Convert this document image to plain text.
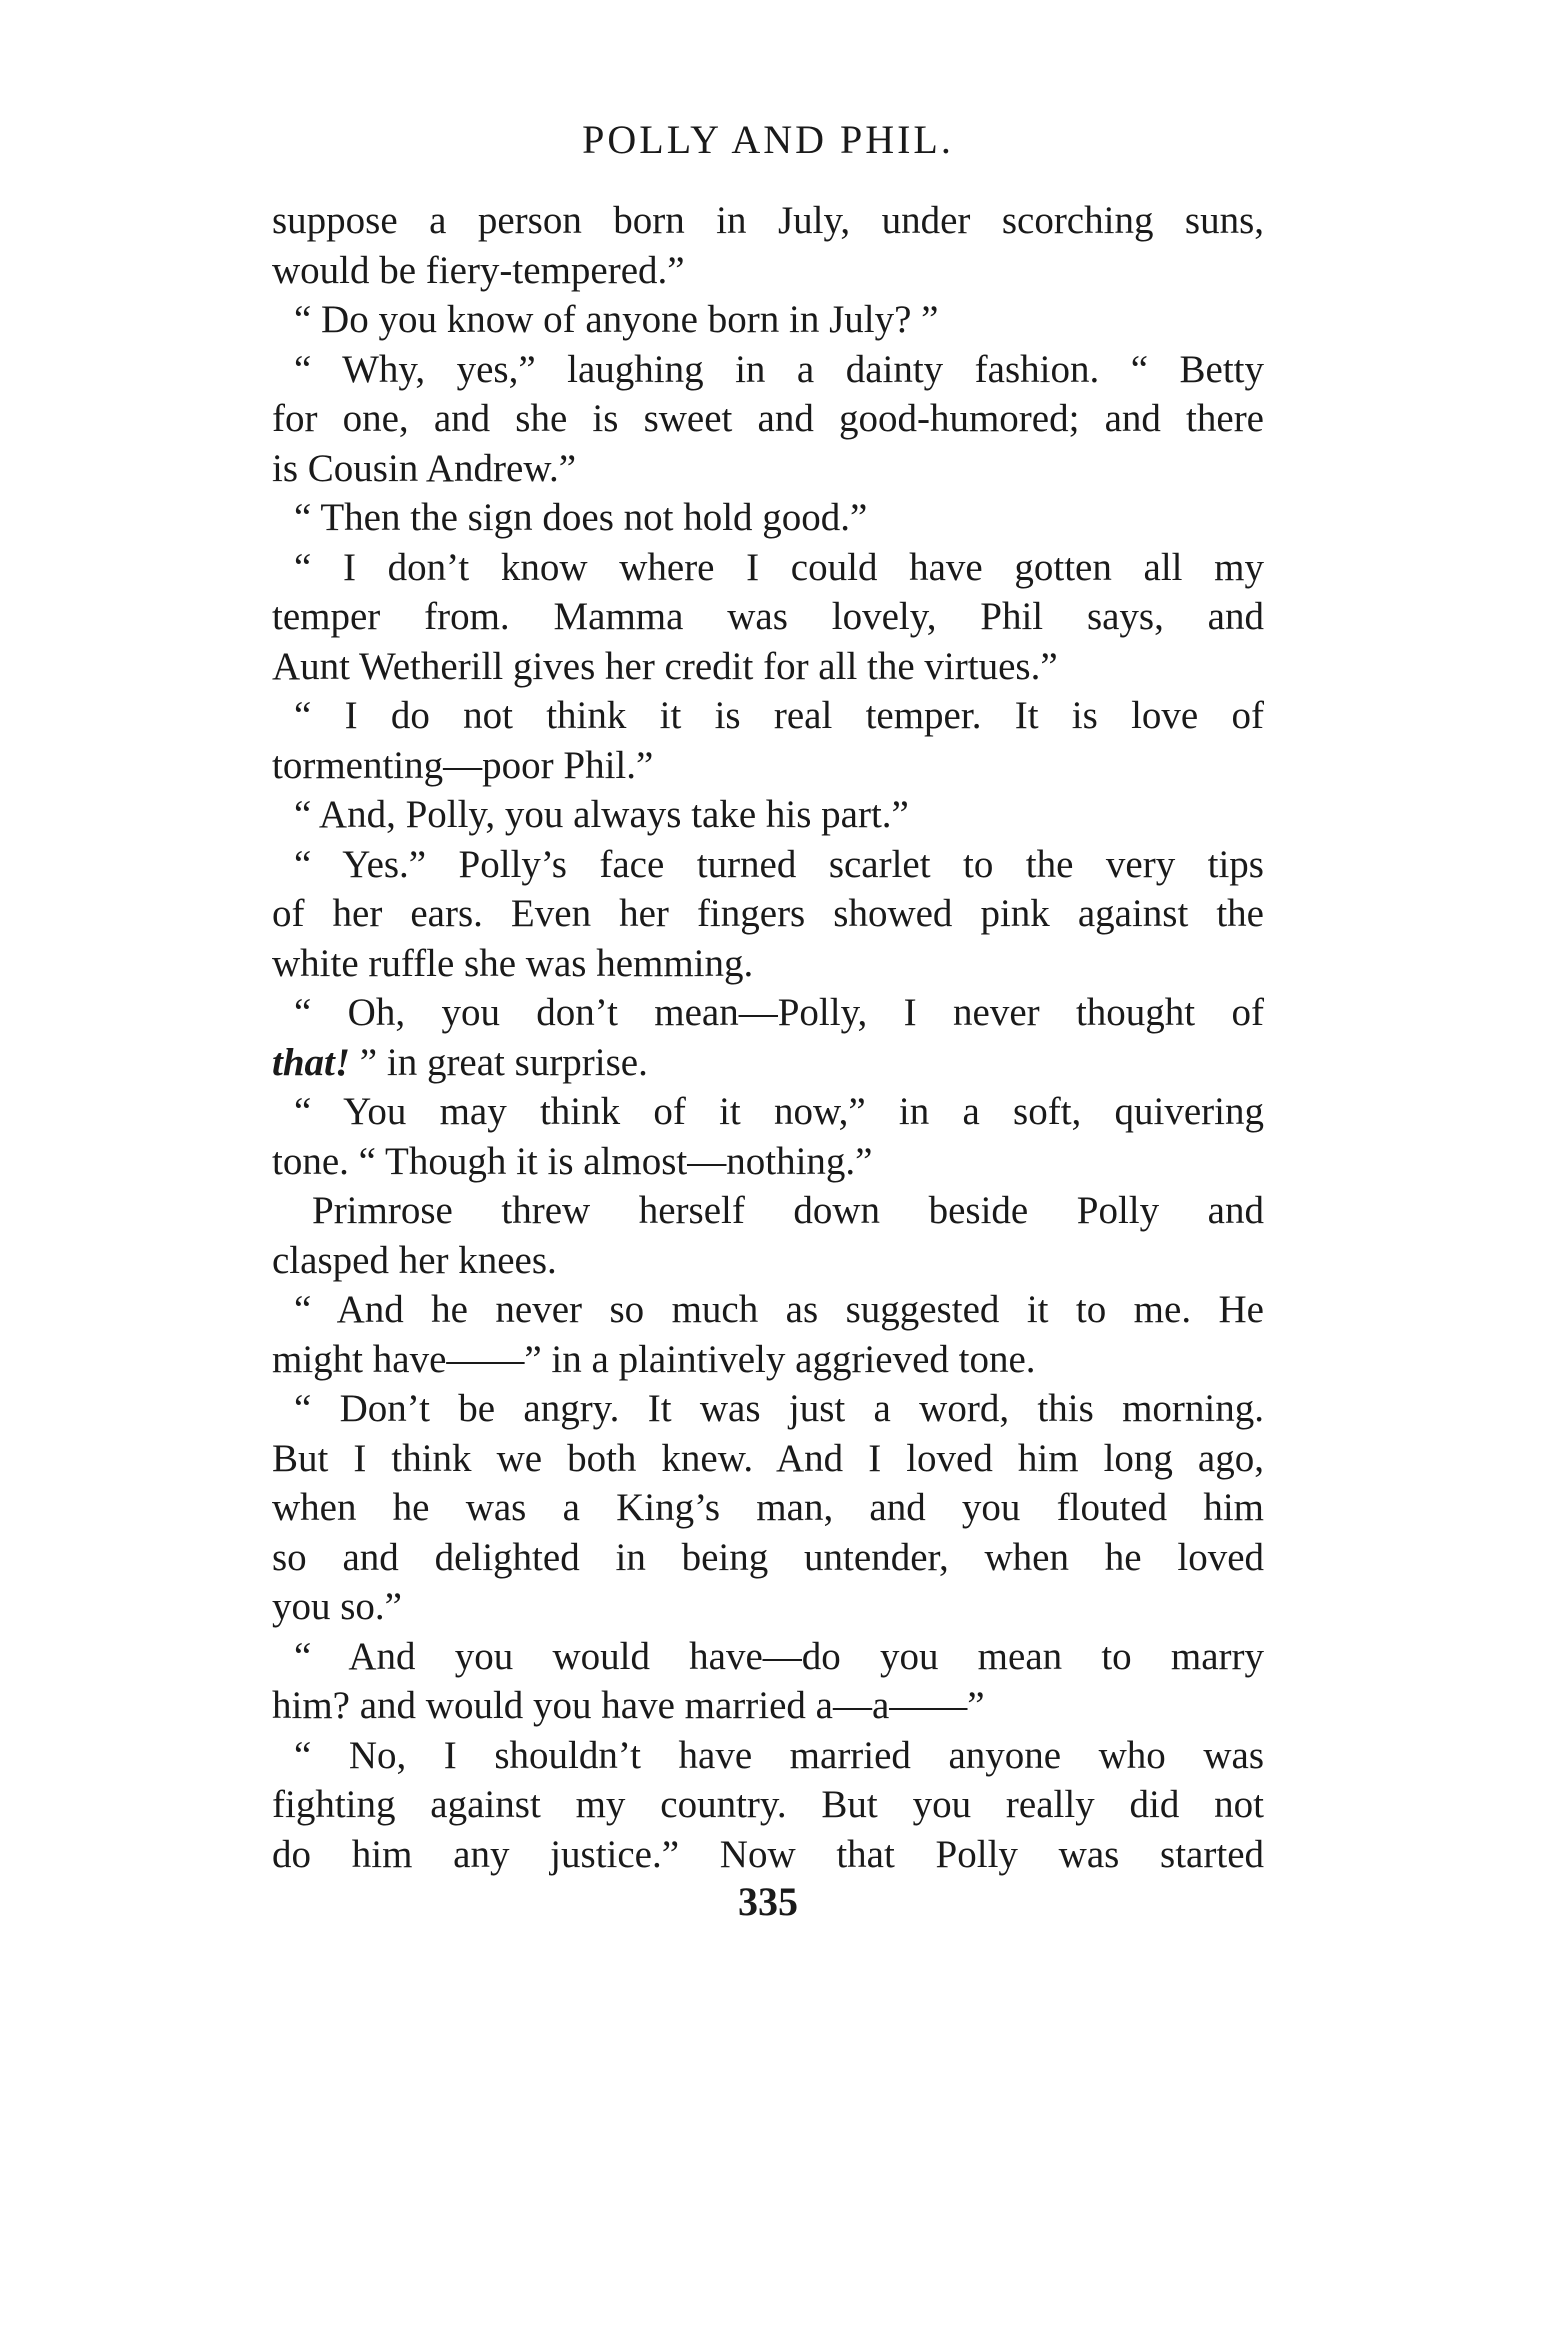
POLLY AND PHIL.
suppose a person born in July, under scorching suns,
would be fiery-tempered.”
“ Do you know of anyone born in July? ”
“ Why, yes,” laughing in a dainty fashion. “ Betty
for one, and she is sweet and good-humored; and there
is Cousin Andrew.”
“ Then the sign does not hold good.”
“ I don’t know where I could have gotten all my
temper from. Mamma was lovely, Phil says, and
Aunt Wetherill gives her credit for all the virtues.”
“ I do not think it is real temper. It is love of
tormenting—poor Phil.”
“ And, Polly, you always take his part.”
“ Yes.” Polly’s face turned scarlet to the very tips
of her ears. Even her fingers showed pink against the
white ruffle she was hemming.
“ Oh, you don’t mean—Polly, I never thought of
that! ” in great surprise.
“ You may think of it now,” in a soft, quivering
tone. “ Though it is almost—nothing.”
Primrose threw herself down beside Polly and
clasped her knees.
“ And he never so much as suggested it to me. He
might have——” in a plaintively aggrieved tone.
“ Don’t be angry. It was just a word, this morning.
But I think we both knew. And I loved him long ago,
when he was a King’s man, and you flouted him
so and delighted in being untender, when he loved
you so.”
“ And you would have—do you mean to marry
him? and would you have married a—a——”
“ No, I shouldn’t have married anyone who was
fighting against my country. But you really did not
do him any justice.” Now that Polly was started
335
